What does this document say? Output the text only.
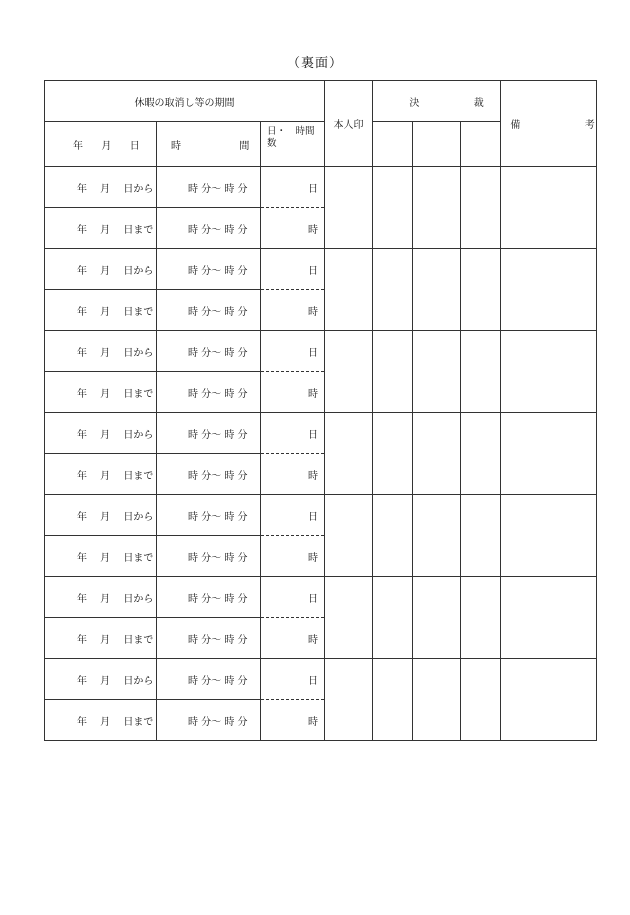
（裏面）
休暇の取消し等の期間			本人印	決 裁			備 考
年 月 日	時 間	日・　時間数					
年　 月　 日から	時 分～ 時 分	日					
年　 月　 日まで	時 分～ 時 分	時					
年　 月　 日から	時 分～ 時 分	日					
年　 月　 日まで	時 分～ 時 分	時					
年　 月　 日から	時 分～ 時 分	日					
年　 月　 日まで	時 分～ 時 分	時					
年　 月　 日から	時 分～ 時 分	日					
年　 月　 日まで	時 分～ 時 分	時					
年　 月　 日から	時 分～ 時 分	日					
年　 月　 日まで	時 分～ 時 分	時					
年　 月　 日から	時 分～ 時 分	日					
年　 月　 日まで	時 分～ 時 分	時					
年　 月　 日から	時 分～ 時 分	日					
年　 月　 日まで	時 分～ 時 分	時					
